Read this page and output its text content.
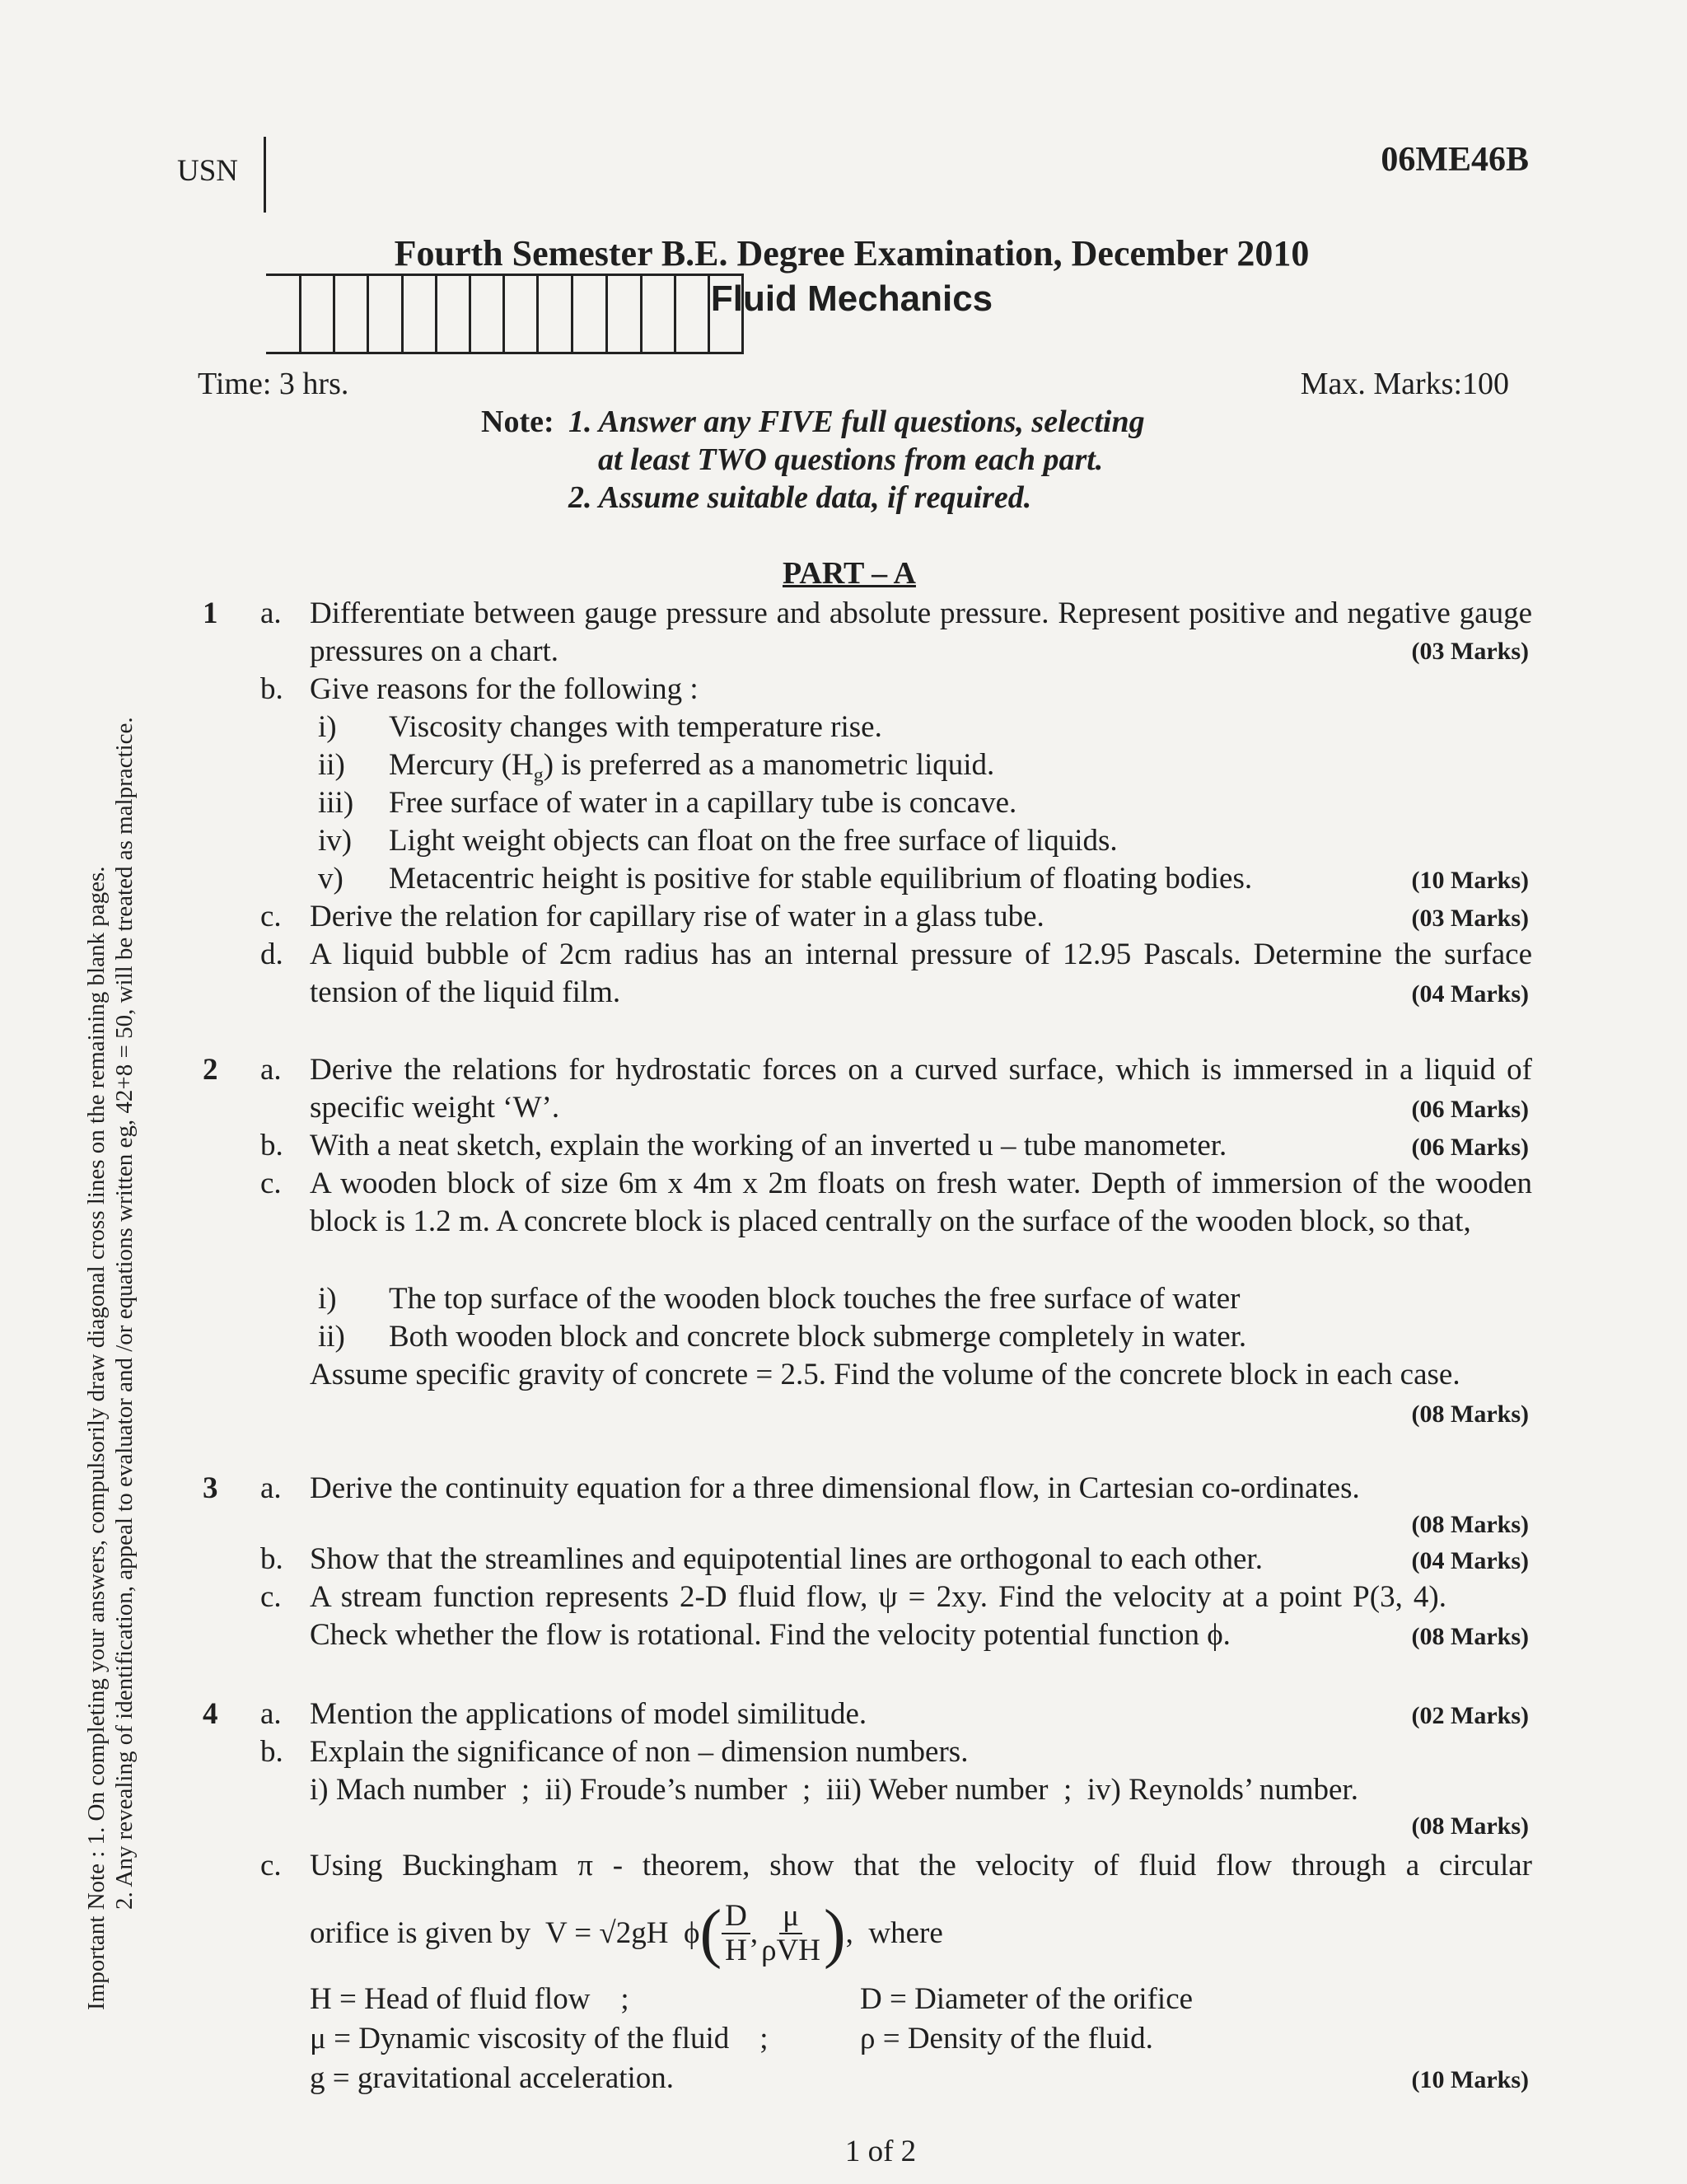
USN	06ME46B
Fourth Semester B.E. Degree Examination, December 2010
Fluid Mechanics
Time: 3 hrs.	Max. Marks:100
Note: 1. Answer any FIVE full questions, selecting
at least TWO questions from each part.
2. Assume suitable data, if required.
Important Note : 1. On completing your answers, compulsorily draw diagonal cross lines on the remaining blank pages. 2. Any revealing of identification, appeal to evaluator and /or equations written eg, 42+8 = 50, will be treated as malpractice.
PART – A
1 a. Differentiate between gauge pressure and absolute pressure. Represent positive and negative gauge pressures on a chart.	(03 Marks)
b. Give reasons for the following :
i) Viscosity changes with temperature rise.
ii) Mercury $(H_g)$ is preferred as a manometric liquid.
iii) Free surface of water in a capillary tube is concave.
iv) Light weight objects can float on the free surface of liquids.
v) Metacentric height is positive for stable equilibrium of floating bodies.	(10 Marks)
c. Derive the relation for capillary rise of water in a glass tube.	(03 Marks)
d. A liquid bubble of 2cm radius has an internal pressure of 12.95 Pascals. Determine the surface tension of the liquid film.	(04 Marks)
2 a. Derive the relations for hydrostatic forces on a curved surface, which is immersed in a liquid of specific weight ‘W’.	(06 Marks)
b. With a neat sketch, explain the working of an inverted u – tube manometer.	(06 Marks)
c. A wooden block of size 6m x 4m x 2m floats on fresh water. Depth of immersion of the wooden block is 1.2 m. A concrete block is placed centrally on the surface of the wooden block, so that,
i) The top surface of the wooden block touches the free surface of water
ii) Both wooden block and concrete block submerge completely in water.
Assume specific gravity of concrete = 2.5. Find the volume of the concrete block in each case.
(08 Marks)
3 a. Derive the continuity equation for a three dimensional flow, in Cartesian co-ordinates.
(08 Marks)
b. Show that the streamlines and equipotential lines are orthogonal to each other.	(04 Marks)
c. A stream function represents 2-D fluid flow, ψ = 2xy. Find the velocity at a point P(3, 4). Check whether the flow is rotational. Find the velocity potential function ϕ.	(08 Marks)
4 a. Mention the applications of model similitude.	(02 Marks)
b. Explain the significance of non – dimension numbers.
i) Mach number  ;  ii) Froude’s number  ;  iii) Weber number  ;  iv) Reynolds’ number.
(08 Marks)
c. Using Buckingham π - theorem, show that the velocity of fluid flow through a circular
orifice is given by  V = √2gH  ϕ ( $\frac{D}{H}$ , $\frac{\mu}{\text{ρVH}}$ ) ,  where
H = Head of fluid flow    ;	D = Diameter of the orifice
μ = Dynamic viscosity of the fluid    ;	ρ = Density of the fluid.
g = gravitational acceleration.	(10 Marks)
1 of 2
